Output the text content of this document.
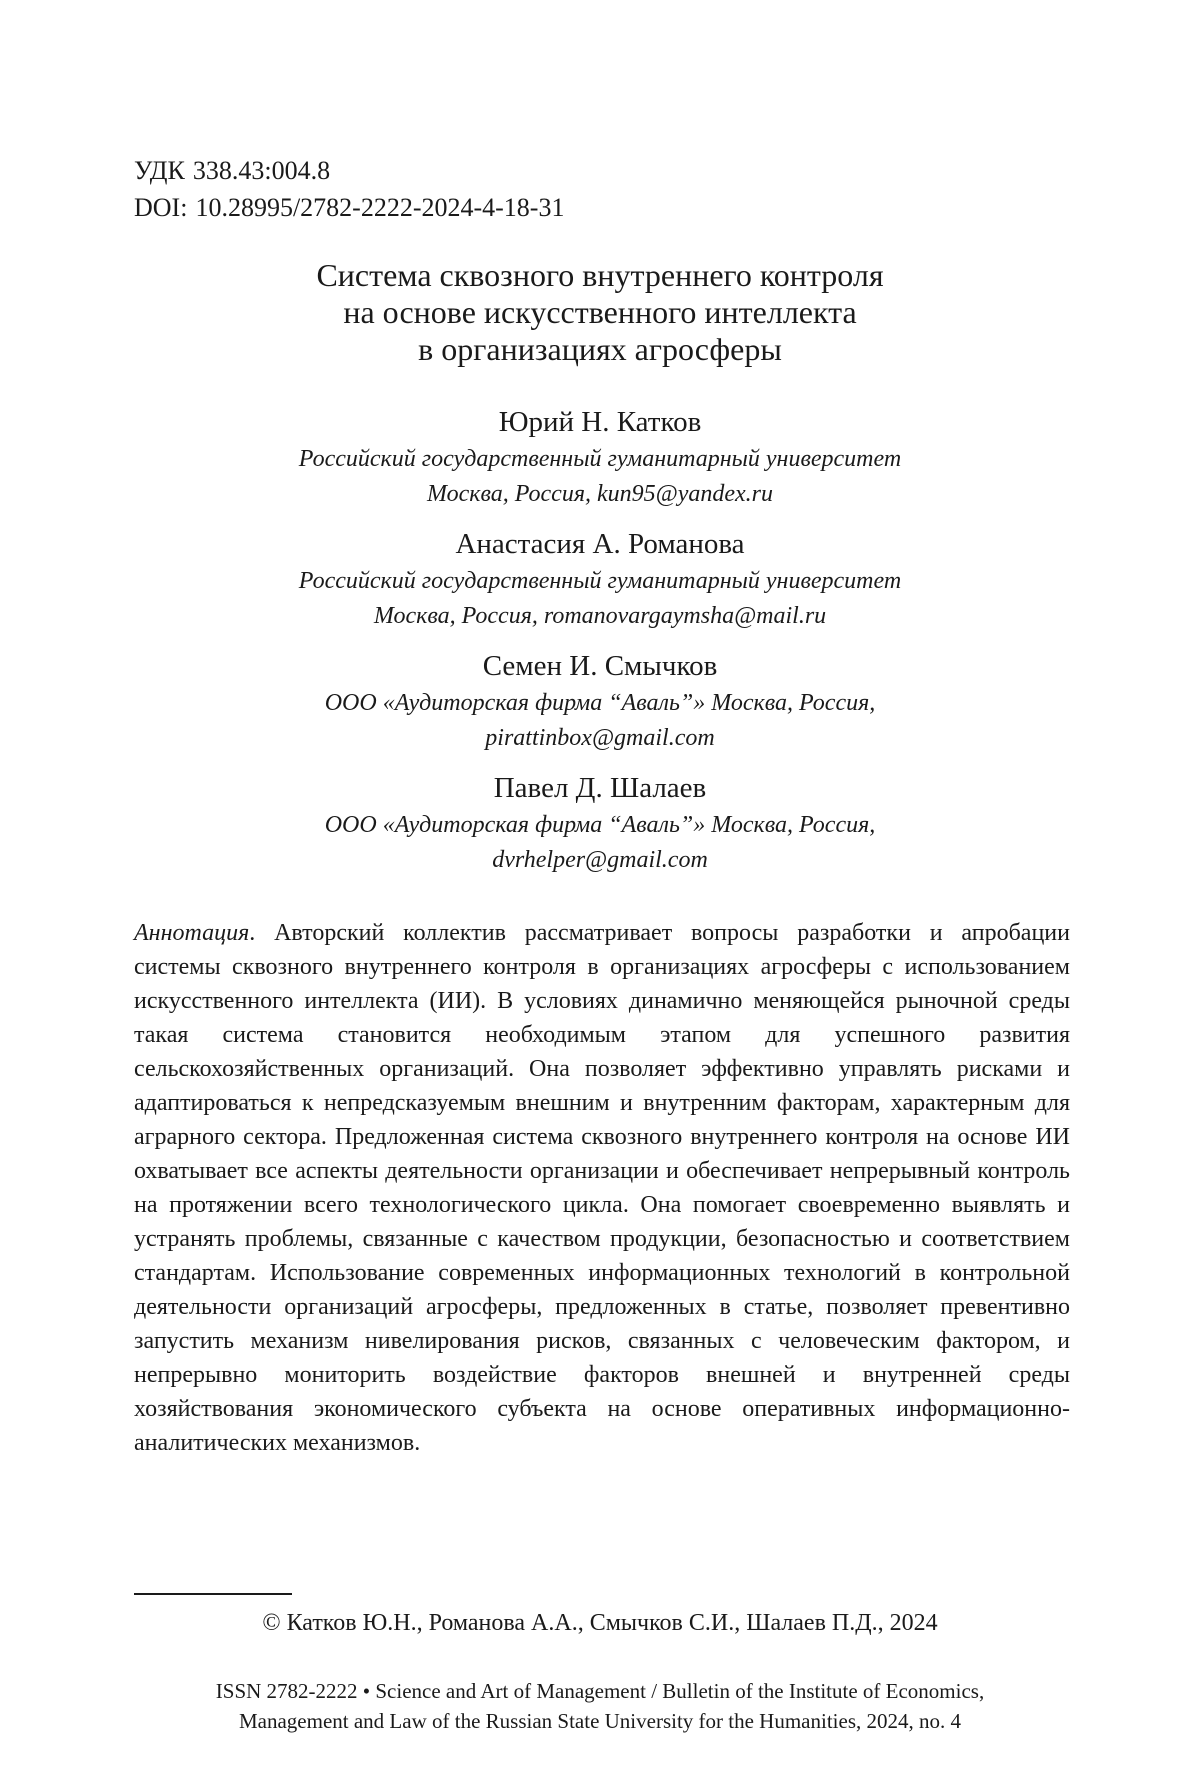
УДК 338.43:004.8
DOI: 10.28995/2782-2222-2024-4-18-31
Система сквозного внутреннего контроля
на основе искусственного интеллекта
в организациях агросферы
Юрий Н. Катков
Российский государственный гуманитарный университет
Москва, Россия, kun95@yandex.ru
Анастасия А. Романова
Российский государственный гуманитарный университет
Москва, Россия, romanovargaymsha@mail.ru
Семен И. Смычков
ООО «Аудиторская фирма “Аваль”» Москва, Россия,
pirattinbox@gmail.com
Павел Д. Шалаев
ООО «Аудиторская фирма “Аваль”» Москва, Россия,
dvrhelper@gmail.com
Аннотация. Авторский коллектив рассматривает вопросы разработки и апробации системы сквозного внутреннего контроля в организациях агросферы с использованием искусственного интеллекта (ИИ). В условиях динамично меняющейся рыночной среды такая система становится необходимым этапом для успешного развития сельскохозяйственных организаций. Она позволяет эффективно управлять рисками и адаптироваться к непредсказуемым внешним и внутренним факторам, характерным для аграрного сектора. Предложенная система сквозного внутреннего контроля на основе ИИ охватывает все аспекты деятельности организации и обеспечивает непрерывный контроль на протяжении всего технологического цикла. Она помогает своевременно выявлять и устранять проблемы, связанные с качеством продукции, безопасностью и соответствием стандартам. Использование современных информационных технологий в контрольной деятельности организаций агросферы, предложенных в статье, позволяет превентивно запустить механизм нивелирования рисков, связанных с человеческим фактором, и непрерывно мониторить воздействие факторов внешней и внутренней среды хозяйствования экономического субъекта на основе оперативных информационно-аналитических механизмов.
© Катков Ю.Н., Романова А.А., Смычков С.И., Шалаев П.Д., 2024
ISSN 2782-2222 • Science and Art of Management / Bulletin of the Institute of Economics,
Management and Law of the Russian State University for the Humanities, 2024, no. 4
